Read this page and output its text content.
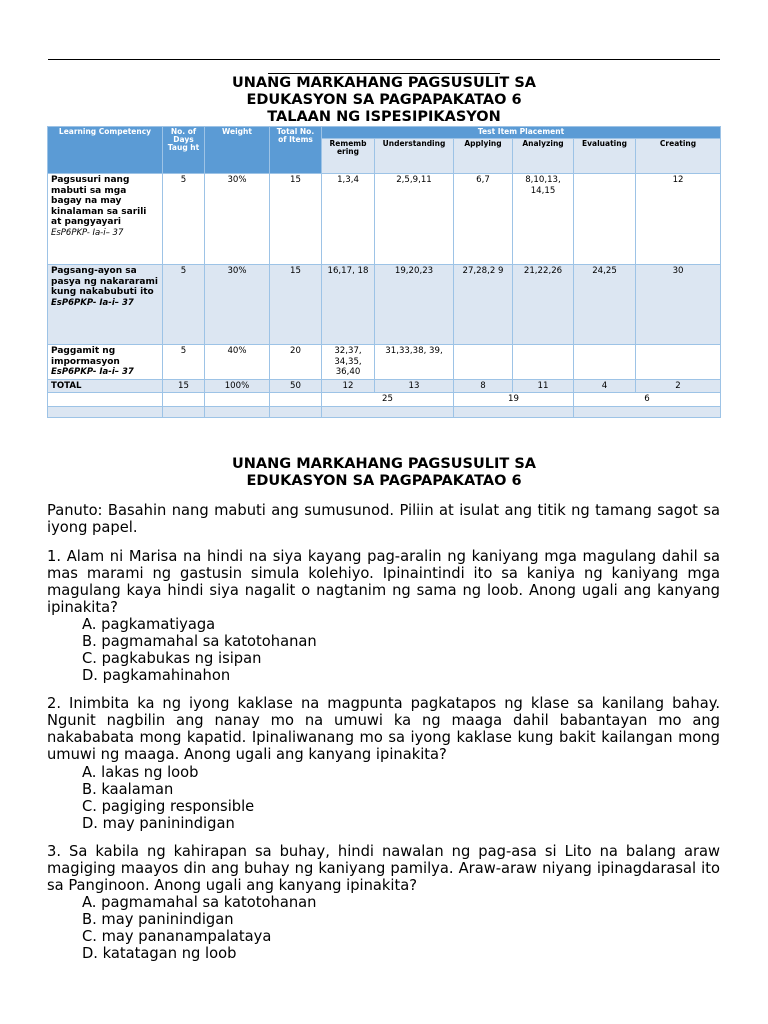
UNANG MARKAHANG PAGSUSULIT SA
EDUKASYON SA PAGPAPAKATAO 6
TALAAN NG ISPESIPIKASYON
Learning Competency	No. of Days Taug ht	Weight	Total No. of Items	Test Item Placement					
				Rememb ering	Understanding	Applying	Analyzing	Evaluating	Creating
Pagsusuri nang mabuti sa mga bagay na may kinalaman sa sarili at pangyayari
EsP6PKP- Ia-i– 37	5	30%	15	1,3,4	2,5,9,11	6,7	8,10,13, 14,15		12
Pagsang-ayon sa pasya ng nakararami kung nakabubuti ito
EsP6PKP- Ia-i– 37	5	30%	15	16,17, 18	19,20,23	27,28,2 9	21,22,26	24,25	30
Paggamit ng impormasyon
EsP6PKP- Ia-i– 37	5	40%	20	32,37, 34,35, 36,40	31,33,38, 39,				
TOTAL	15	100%	50	12	13	8	11	4	2
				25		19		6	

UNANG MARKAHANG PAGSUSULIT SA
EDUKASYON SA PAGPAPAKATAO 6
Panuto: Basahin nang mabuti ang sumusunod. Piliin at isulat ang titik ng tamang sagot sa iyong papel.
1. Alam ni Marisa na hindi na siya kayang pag-aralin ng kaniyang mga magulang dahil sa mas marami ng gastusin simula kolehiyo. Ipinaintindi ito sa kaniya ng kaniyang mga magulang kaya hindi siya nagalit o nagtanim ng sama ng loob. Anong ugali ang kanyang ipinakita?
A. pagkamatiyaga
B. pagmamahal sa katotohanan
C. pagkabukas ng isipan
D. pagkamahinahon
2. Inimbita ka ng iyong kaklase na magpunta pagkatapos ng klase sa kanilang bahay. Ngunit nagbilin ang nanay mo na umuwi ka ng maaga dahil babantayan mo ang nakababata mong kapatid. Ipinaliwanang mo sa iyong kaklase kung bakit kailangan mong umuwi ng maaga. Anong ugali ang kanyang ipinakita?
A. lakas ng loob
B. kaalaman
C. pagiging responsible
D. may paninindigan
3. Sa kabila ng kahirapan sa buhay, hindi nawalan ng pag-asa si Lito na balang araw magiging maayos din ang buhay ng kaniyang pamilya. Araw-araw niyang ipinagdarasal ito sa Panginoon. Anong ugali ang kanyang ipinakita?
A. pagmamahal sa katotohanan
B. may paninindigan
C. may pananampalataya
D. katatagan ng loob
